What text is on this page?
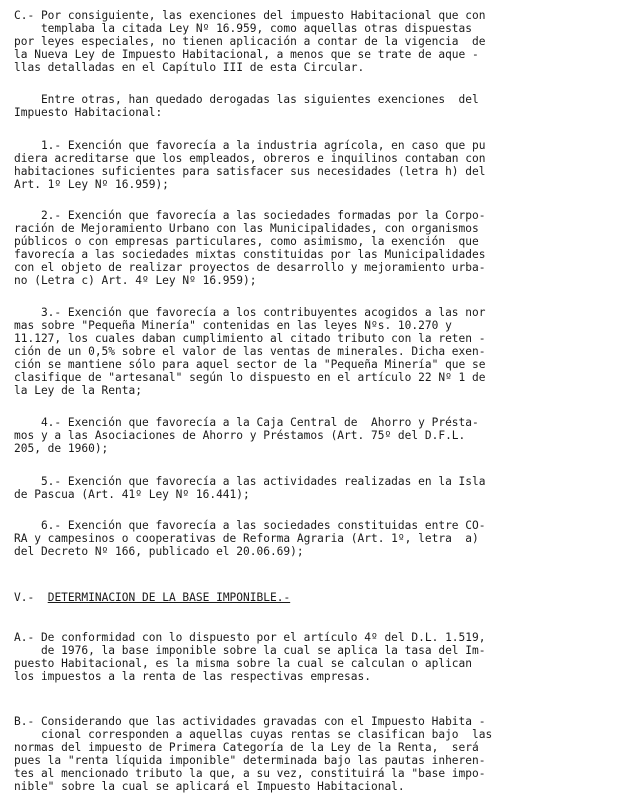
C.- Por consiguiente, las exenciones del impuesto Habitacional que con
templaba la citada Ley Nº 16.959, como aquellas otras dispuestas
por leyes especiales, no tienen aplicación a contar de la vigencia  de
la Nueva Ley de Impuesto Habitacional, a menos que se trate de aque -
llas detalladas en el Capítulo III de esta Circular.
Entre otras, han quedado derogadas las siguientes exenciones  del
Impuesto Habitacional:
1.- Exención que favorecía a la industria agrícola, en caso que pu
diera acreditarse que los empleados, obreros e inquilinos contaban con
habitaciones suficientes para satisfacer sus necesidades (letra h) del
Art. 1º Ley Nº 16.959);
2.- Exención que favorecía a las sociedades formadas por la Corpo-
ración de Mejoramiento Urbano con las Municipalidades, con organismos
públicos o con empresas particulares, como asimismo, la exención  que
favorecía a las sociedades mixtas constituidas por las Municipalidades
con el objeto de realizar proyectos de desarrollo y mejoramiento urba-
no (Letra c) Art. 4º Ley Nº 16.959);
3.- Exención que favorecía a los contribuyentes acogidos a las nor
mas sobre "Pequeña Minería" contenidas en las leyes Nºs. 10.270 y
11.127, los cuales daban cumplimiento al citado tributo con la reten -
ción de un 0,5% sobre el valor de las ventas de minerales. Dicha exen-
ción se mantiene sólo para aquel sector de la "Pequeña Minería" que se
clasifique de "artesanal" según lo dispuesto en el artículo 22 Nº 1 de
la Ley de la Renta;
4.- Exención que favorecía a la Caja Central de  Ahorro y Présta-
mos y a las Asociaciones de Ahorro y Préstamos (Art. 75º del D.F.L.
205, de 1960);
5.- Exención que favorecía a las actividades realizadas en la Isla
de Pascua (Art. 41º Ley Nº 16.441);
6.- Exención que favorecía a las sociedades constituidas entre CO-
RA y campesinos o cooperativas de Reforma Agraria (Art. 1º, letra  a)
del Decreto Nº 166, publicado el 20.06.69);
V.- DETERMINACION DE LA BASE IMPONIBLE.-
A.- De conformidad con lo dispuesto por el artículo 4º del D.L. 1.519,
de 1976, la base imponible sobre la cual se aplica la tasa del Im-
puesto Habitacional, es la misma sobre la cual se calculan o aplican
los impuestos a la renta de las respectivas empresas.
B.- Considerando que las actividades gravadas con el Impuesto Habita -
cional corresponden a aquellas cuyas rentas se clasifican bajo  las
normas del impuesto de Primera Categoría de la Ley de la Renta,  será
pues la "renta líquida imponible" determinada bajo las pautas inheren-
tes al mencionado tributo la que, a su vez, constituirá la "base impo-
nible" sobre la cual se aplicará el Impuesto Habitacional.
